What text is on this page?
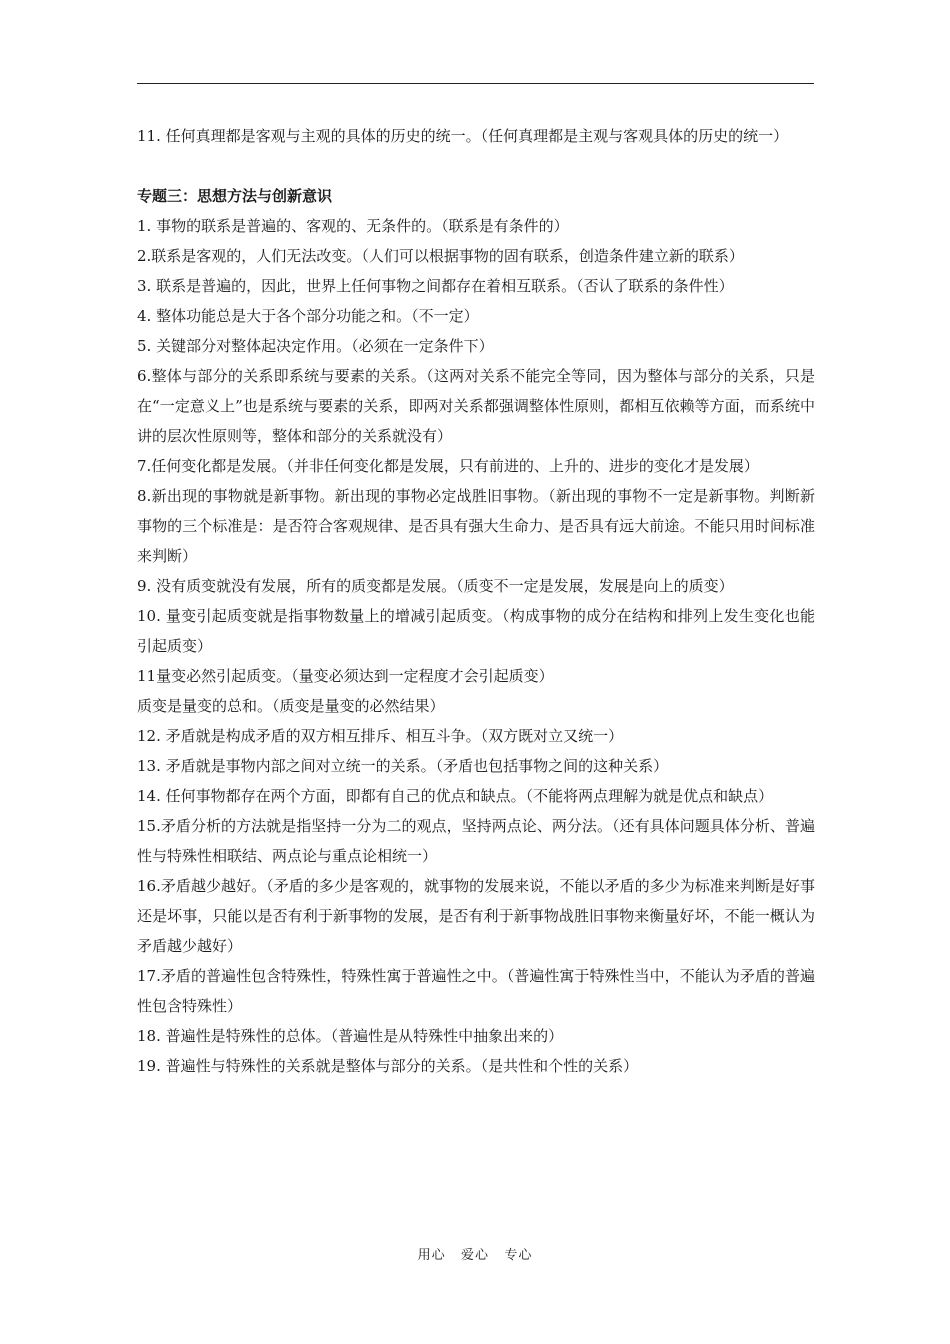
11. 任何真理都是客观与主观的具体的历史的统一。（任何真理都是主观与客观具体的历史的统一）

专题三：思想方法与创新意识

1. 事物的联系是普遍的、客观的、无条件的。（联系是有条件的）

2.联系是客观的，人们无法改变。（人们可以根据事物的固有联系，创造条件建立新的联系）

3. 联系是普遍的，因此，世界上任何事物之间都存在着相互联系。（否认了联系的条件性）

4. 整体功能总是大于各个部分功能之和。（不一定）

5. 关键部分对整体起决定作用。（必须在一定条件下）

6.整体与部分的关系即系统与要素的关系。（这两对关系不能完全等同，因为整体与部分的关系，只是在“一定意义上”也是系统与要素的关系，即两对关系都强调整体性原则，都相互依赖等方面，而系统中讲的层次性原则等，整体和部分的关系就没有）

7.任何变化都是发展。（并非任何变化都是发展，只有前进的、上升的、进步的变化才是发展）

8.新出现的事物就是新事物。新出现的事物必定战胜旧事物。（新出现的事物不一定是新事物。判断新事物的三个标准是：是否符合客观规律、是否具有强大生命力、是否具有远大前途。不能只用时间标准来判断）

9. 没有质变就没有发展，所有的质变都是发展。（质变不一定是发展，发展是向上的质变）

10. 量变引起质变就是指事物数量上的增减引起质变。（构成事物的成分在结构和排列上发生变化也能引起质变）

11量变必然引起质变。（量变必须达到一定程度才会引起质变）

质变是量变的总和。（质变是量变的必然结果）

12. 矛盾就是构成矛盾的双方相互排斥、相互斗争。（双方既对立又统一）

13. 矛盾就是事物内部之间对立统一的关系。（矛盾也包括事物之间的这种关系）

14. 任何事物都存在两个方面，即都有自己的优点和缺点。（不能将两点理解为就是优点和缺点）

15.矛盾分析的方法就是指坚持一分为二的观点，坚持两点论、两分法。（还有具体问题具体分析、普遍性与特殊性相联结、两点论与重点论相统一）

16.矛盾越少越好。（矛盾的多少是客观的，就事物的发展来说，不能以矛盾的多少为标准来判断是好事还是坏事，只能以是否有利于新事物的发展，是否有利于新事物战胜旧事物来衡量好坏，不能一概认为矛盾越少越好）

17.矛盾的普遍性包含特殊性，特殊性寓于普遍性之中。（普遍性寓于特殊性当中，不能认为矛盾的普遍性包含特殊性）

18. 普遍性是特殊性的总体。（普遍性是从特殊性中抽象出来的）

19. 普遍性与特殊性的关系就是整体与部分的关系。（是共性和个性的关系）

用心   爱心   专心
